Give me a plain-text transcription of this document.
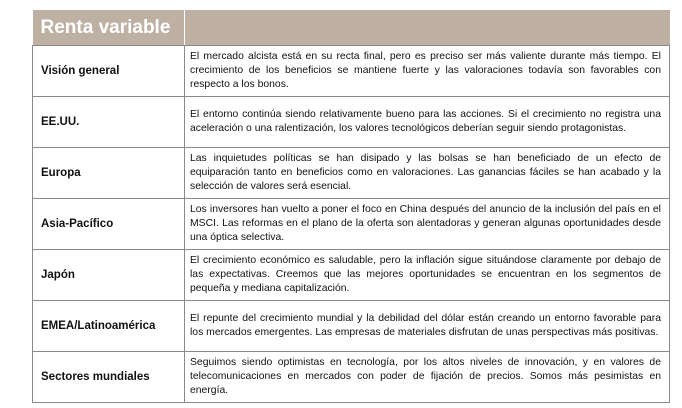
Renta variable	
Visión general	El mercado alcista está en su recta final, pero es preciso ser más valiente durante más tiempo. El crecimiento de los beneficios se mantiene fuerte y las valoraciones todavía son favorables con respecto a los bonos.
EE.UU.	El entorno continúa siendo relativamente bueno para las acciones. Si el crecimiento no registra una aceleración o una ralentización, los valores tecnológicos deberían seguir siendo protagonistas.
Europa	Las inquietudes políticas se han disipado y las bolsas se han beneficiado de un efecto de equiparación tanto en beneficios como en valoraciones. Las ganancias fáciles se han acabado y la selección de valores será esencial.
Asia-Pacífico	Los inversores han vuelto a poner el foco en China después del anuncio de la inclusión del país en el MSCI. Las reformas en el plano de la oferta son alentadoras y generan algunas oportunidades desde una óptica selectiva.
Japón	El crecimiento económico es saludable, pero la inflación sigue situándose claramente por debajo de las expectativas. Creemos que las mejores oportunidades se encuentran en los segmentos de pequeña y mediana capitalización.
EMEA/Latinoamérica	El repunte del crecimiento mundial y la debilidad del dólar están creando un entorno favorable para los mercados emergentes. Las empresas de materiales disfrutan de unas perspectivas más positivas.
Sectores mundiales	Seguimos siendo optimistas en tecnología, por los altos niveles de innovación, y en valores de telecomunicaciones en mercados con poder de fijación de precios. Somos más pesimistas en energía.
